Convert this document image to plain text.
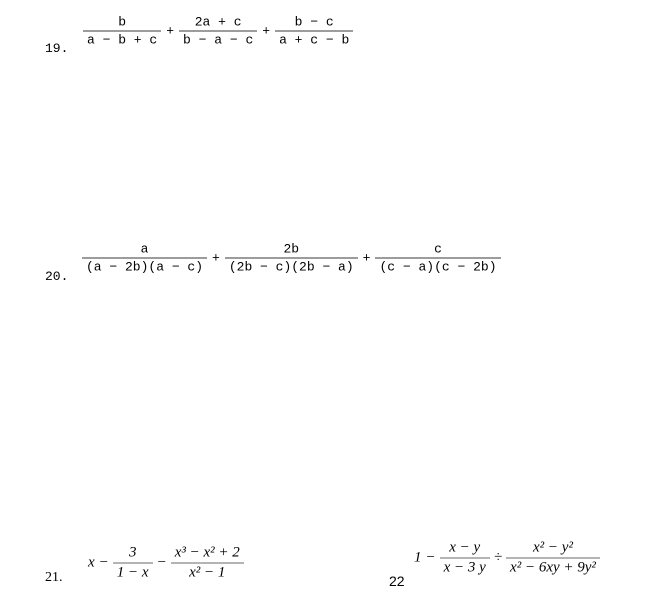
19. $\frac{b}{a - b + c} + \frac{2a + c}{b - a - c} + \frac{b - c}{a + c - b}$
20.
$\frac{a}{(a - 2b)(a - c)} + \frac{2b}{(2b - c)(2b - a)} + \frac{c}{(c - a)(c - 2b)}$
21.
$x - \frac{3}{1 - x} - \frac{\text{x³ − x² + 2}}{\text{x² − 1}}$	22
$1 - \frac{x - y}{x - 3 y} \div \frac{\text{x² − y²}}{\text{x² − 6xy + 9y²}}$
